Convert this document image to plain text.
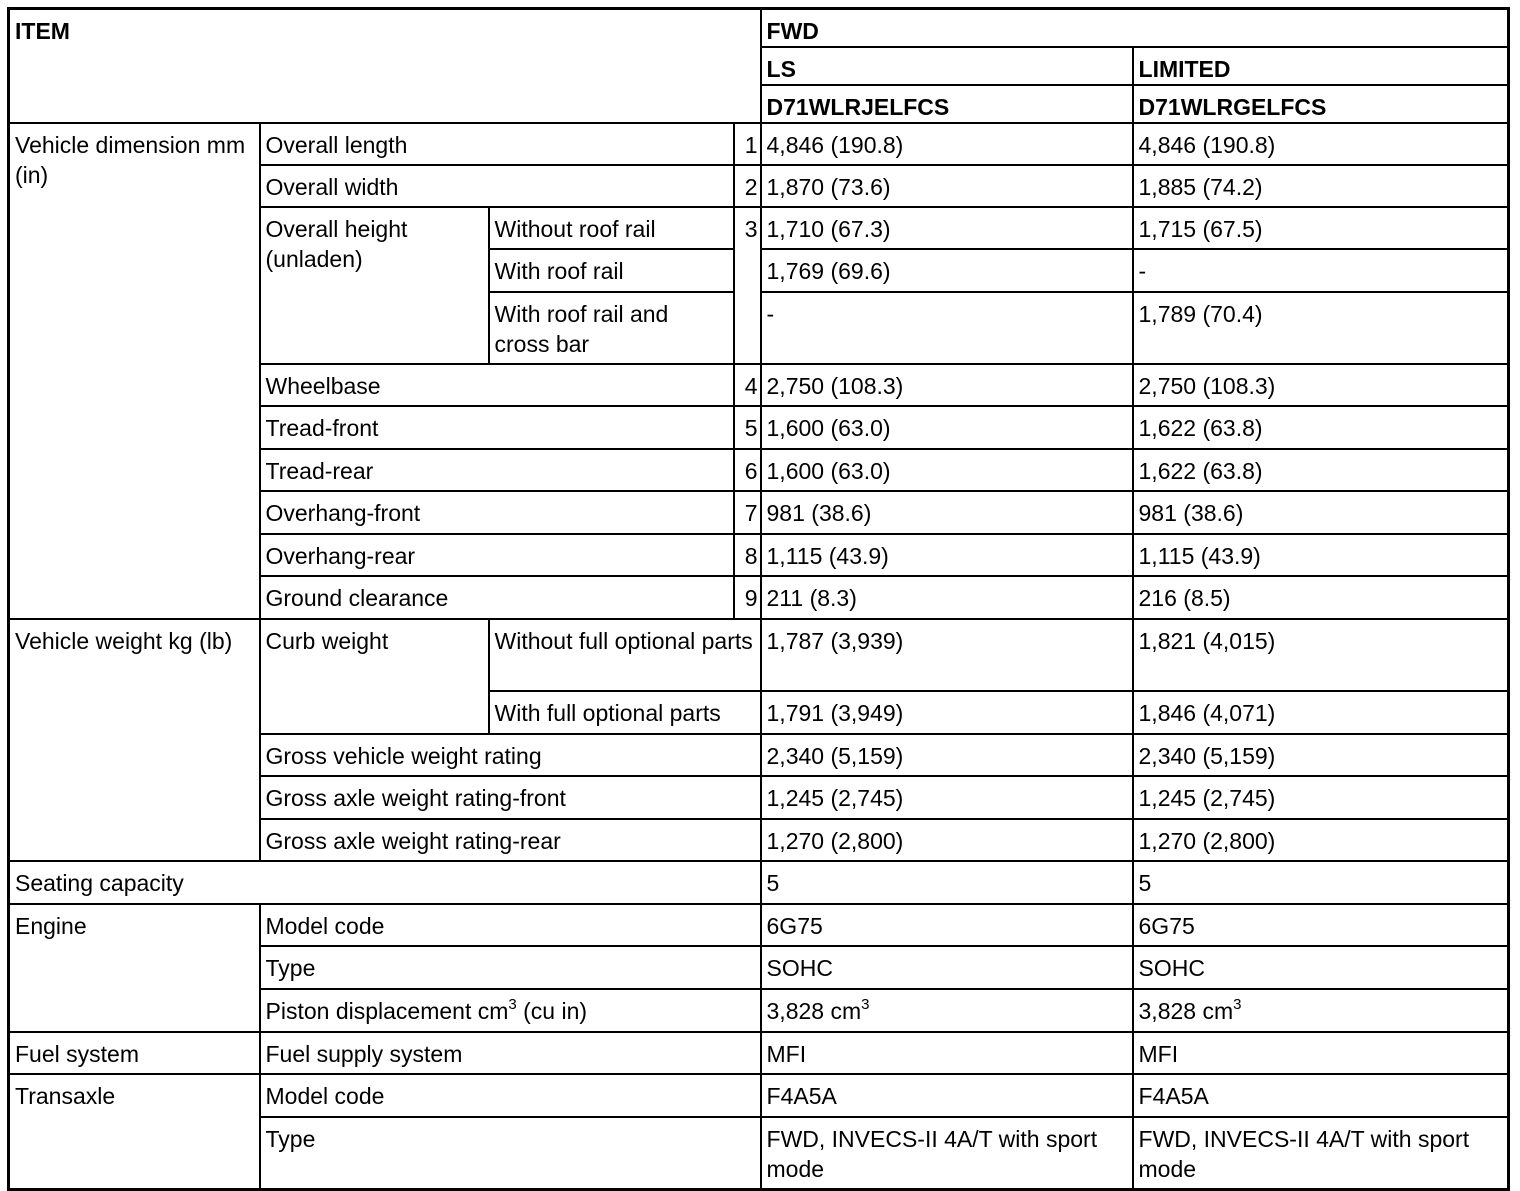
ITEM				FWD	
				LS	LIMITED
				D71WLRJELFCS	D71WLRGELFCS
Vehicle dimension mm (in)	Overall length		1	4,846 (190.8)	4,846 (190.8)
	Overall width		2	1,870 (73.6)	1,885 (74.2)
	Overall height (unladen)	Without roof rail	3	1,710 (67.3)	1,715 (67.5)
		With roof rail		1,769 (69.6)	-
		With roof rail and cross bar		-	1,789 (70.4)
	Wheelbase		4	2,750 (108.3)	2,750 (108.3)
	Tread-front		5	1,600 (63.0)	1,622 (63.8)
	Tread-rear		6	1,600 (63.0)	1,622 (63.8)
	Overhang-front		7	981 (38.6)	981 (38.6)
	Overhang-rear		8	1,115 (43.9)	1,115 (43.9)
	Ground clearance		9	211 (8.3)	216 (8.5)
Vehicle weight kg (lb)	Curb weight	Without full optional parts		1,787 (3,939)	1,821 (4,015)
		With full optional parts		1,791 (3,949)	1,846 (4,071)
	Gross vehicle weight rating			2,340 (5,159)	2,340 (5,159)
	Gross axle weight rating-front			1,245 (2,745)	1,245 (2,745)
	Gross axle weight rating-rear			1,270 (2,800)	1,270 (2,800)
Seating capacity				5	5
Engine	Model code			6G75	6G75
	Type			SOHC	SOHC
	Piston displacement $cm^3$ (cu in)			3,828 $cm^3$	3,828 $cm^3$
Fuel system	Fuel supply system			MFI	MFI
Transaxle	Model code			F4A5A	F4A5A
	Type			FWD, INVECS-II 4A/T with sport mode	FWD, INVECS-II 4A/T with sport mode
